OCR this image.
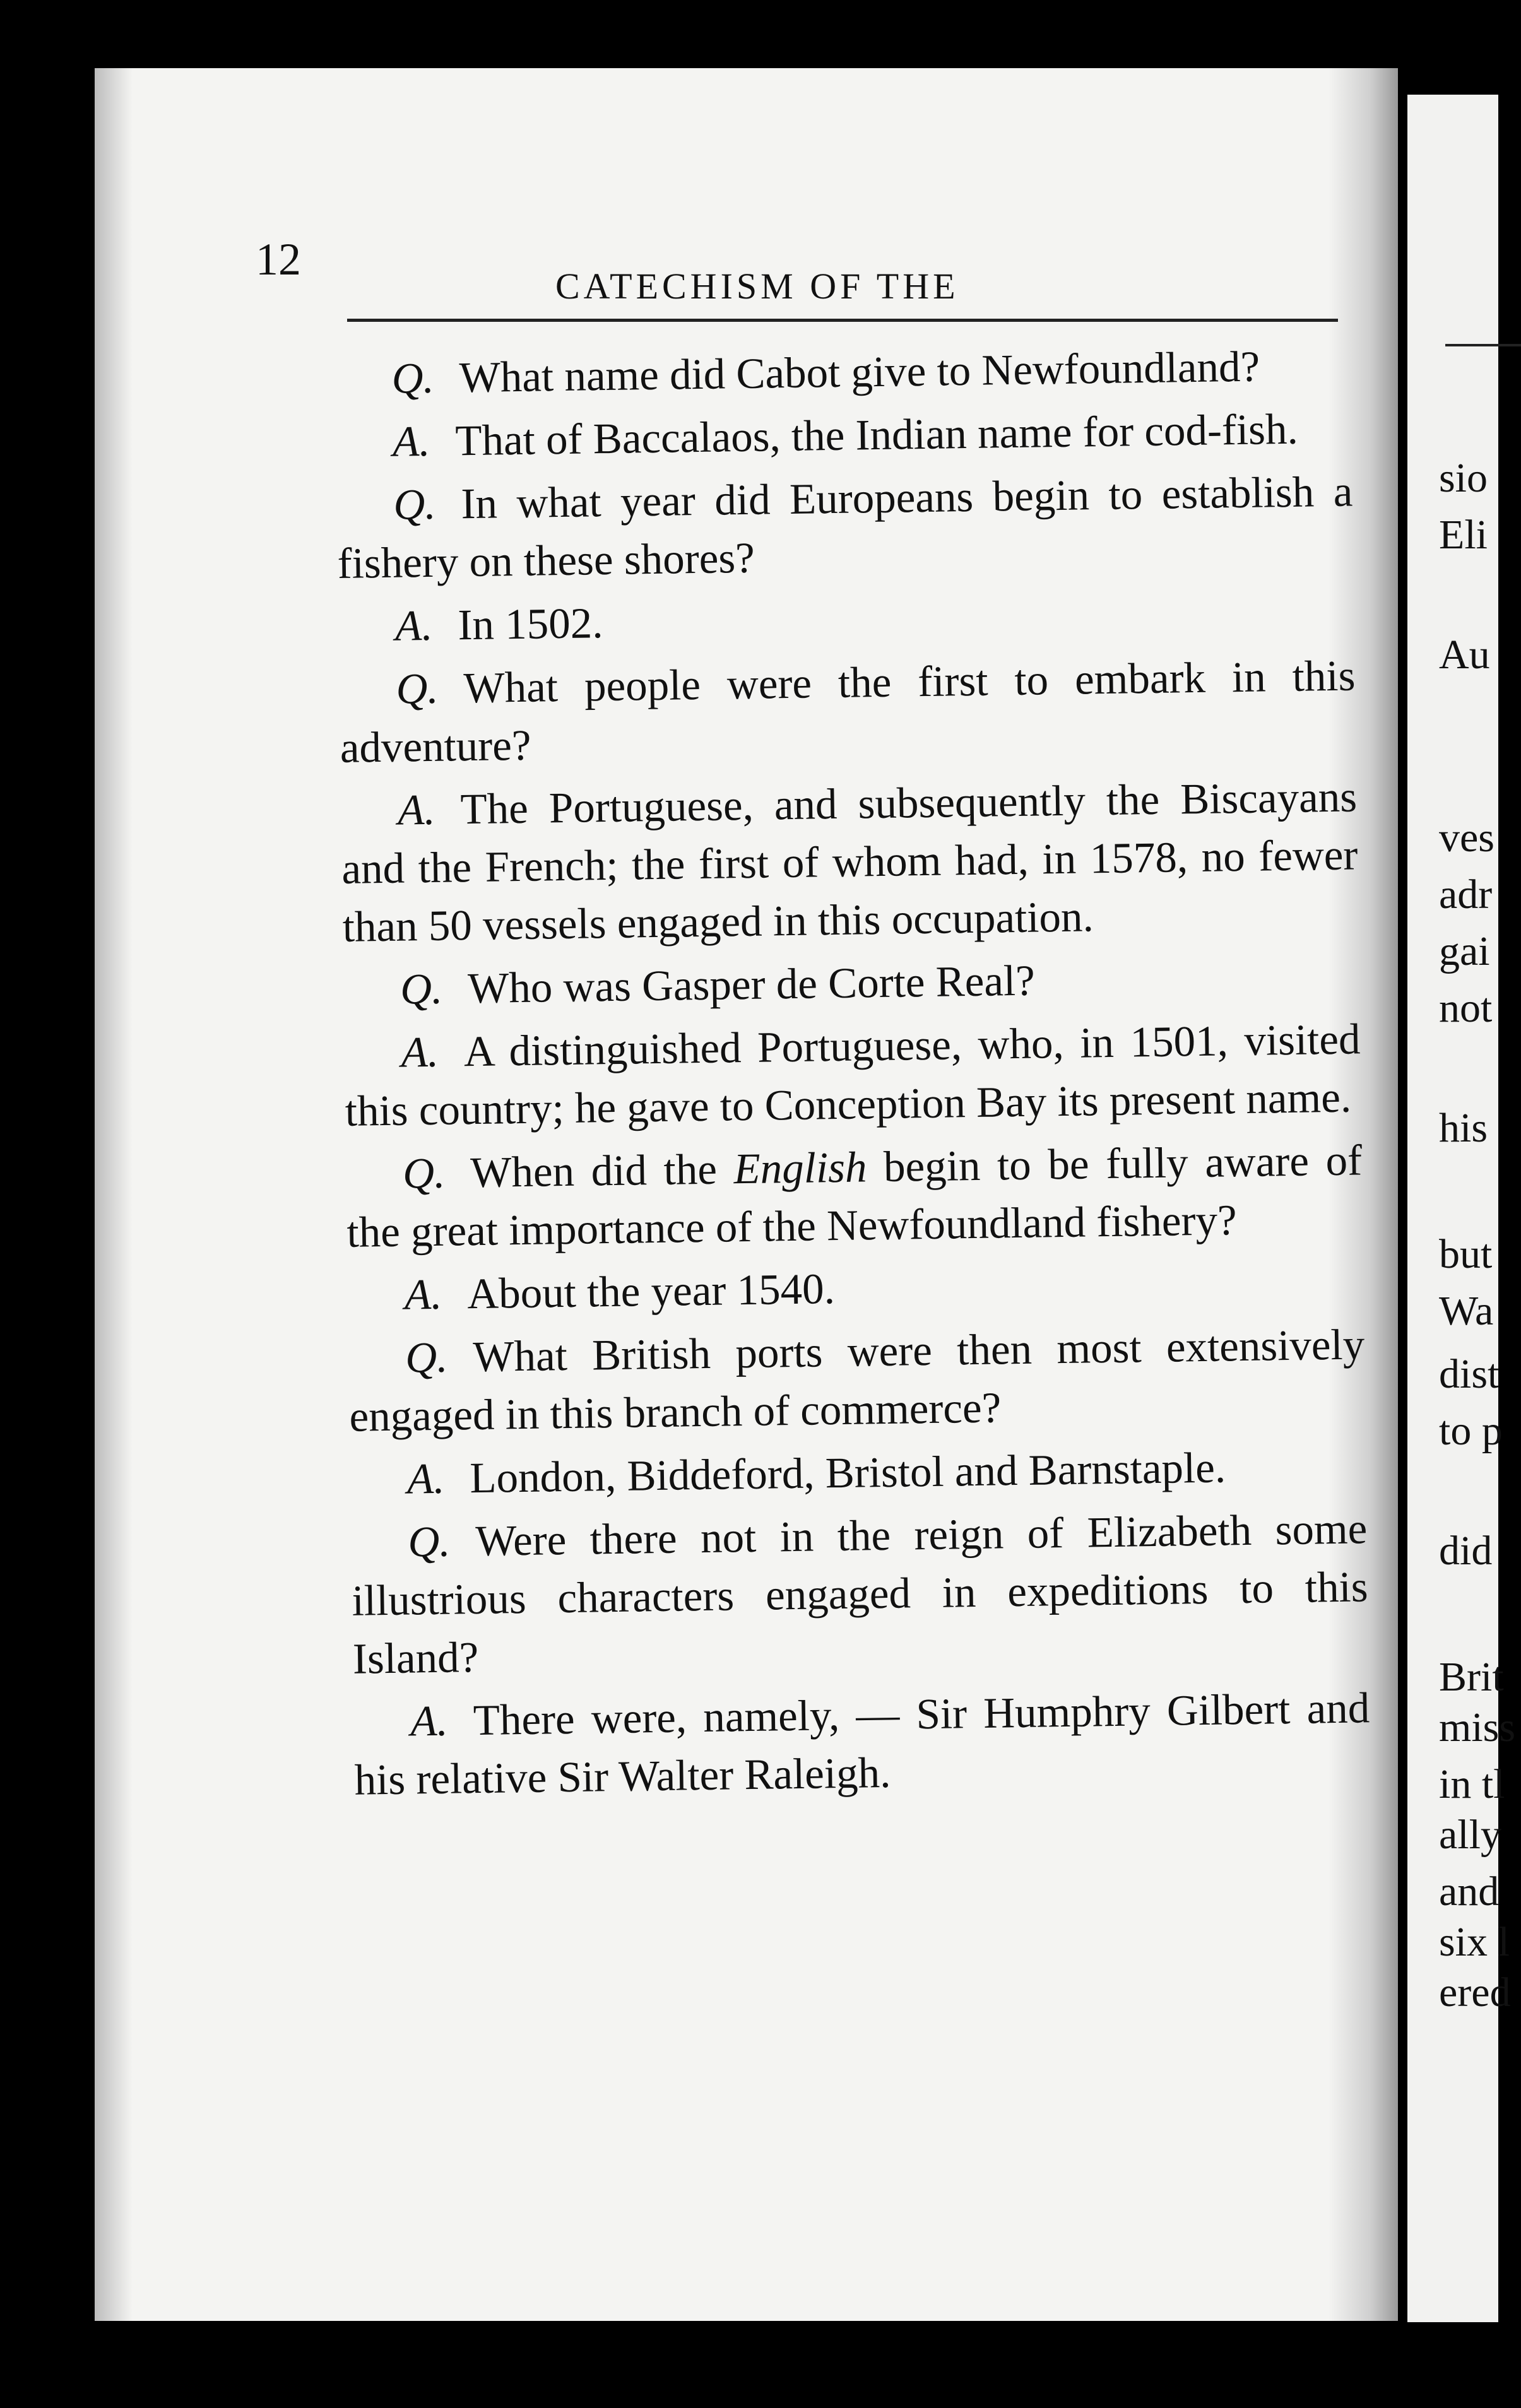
12
CATECHISM OF THE

Q. What name did Cabot give to Newfoundland?

A. That of Baccalaos, the Indian name for cod-fish.

Q. In what year did Europeans begin to establish a fishery on these shores?

A. In 1502.

Q. What people were the first to embark in this adventure?

A. The Portuguese, and subsequently the Biscayans and the French; the first of whom had, in 1578, no fewer than 50 vessels engaged in this occupation.

Q. Who was Gasper de Corte Real?

A. A distinguished Portuguese, who, in 1501, visited this country; he gave to Conception Bay its present name.

Q. When did the English begin to be fully aware of the great importance of the Newfoundland fishery?

A. About the year 1540.

Q. What British ports were then most extensively engaged in this branch of commerce?

A. London, Biddeford, Bristol and Barnstaple.

Q. Were there not in the reign of Elizabeth some illustrious characters engaged in expeditions to this Island?

A. There were, namely, — Sir Humphry Gilbert and his relative Sir Walter Raleigh.

sio
Eli
Au
ves
adr
gai
not
his
but
Wa
dist
to p
did
Brit
miss
in tl
ally
and
six l
ered
